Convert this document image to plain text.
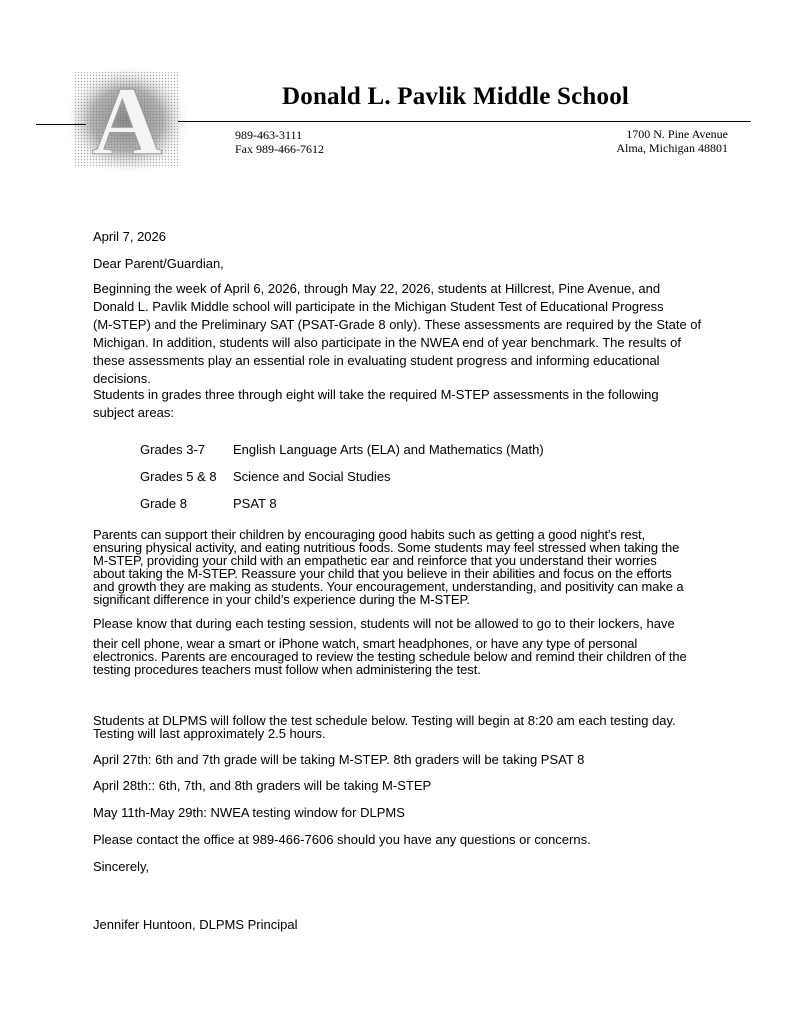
A	Donald L. Pavlik Middle School
989-463-3111
Fax 989-466-7612
1700 N. Pine Avenue
Alma, Michigan 48801
April 7, 2026
Dear Parent/Guardian,
Beginning the week of April 6, 2026, through May 22, 2026, students at Hillcrest, Pine Avenue, and
Donald L. Pavlik Middle school will participate in the Michigan Student Test of Educational Progress
(M-STEP) and the Preliminary SAT (PSAT-Grade 8 only). These assessments are required by the State of
Michigan. In addition, students will also participate in the NWEA end of year benchmark. The results of
these assessments play an essential role in evaluating student progress and informing educational
decisions.
Students in grades three through eight will take the required M-STEP assessments in the following
subject areas:
Grades 3-7 English Language Arts (ELA) and Mathematics (Math)
Grades 5 & 8 Science and Social Studies
Grade 8	PSAT 8
Parents can support their children by encouraging good habits such as getting a good night's rest,
ensuring physical activity, and eating nutritious foods. Some students may feel stressed when taking the
M-STEP, providing your child with an empathetic ear and reinforce that you understand their worries
about taking the M-STEP. Reassure your child that you believe in their abilities and focus on the efforts
and growth they are making as students. Your encouragement, understanding, and positivity can make a
significant difference in your child’s experience during the M-STEP.
Please know that during each testing session, students will not be allowed to go to their lockers, have
their cell phone, wear a smart or iPhone watch, smart headphones, or have any type of personal
electronics. Parents are encouraged to review the testing schedule below and remind their children of the
testing procedures teachers must follow when administering the test.
Students at DLPMS will follow the test schedule below. Testing will begin at 8:20 am each testing day.
Testing will last approximately 2.5 hours.
April 27th: 6th and 7th grade will be taking M-STEP. 8th graders will be taking PSAT 8
April 28th:: 6th, 7th, and 8th graders will be taking M-STEP
May 11th-May 29th: NWEA testing window for DLPMS
Please contact the office at 989-466-7606 should you have any questions or concerns.
Sincerely,
Jennifer Huntoon, DLPMS Principal
